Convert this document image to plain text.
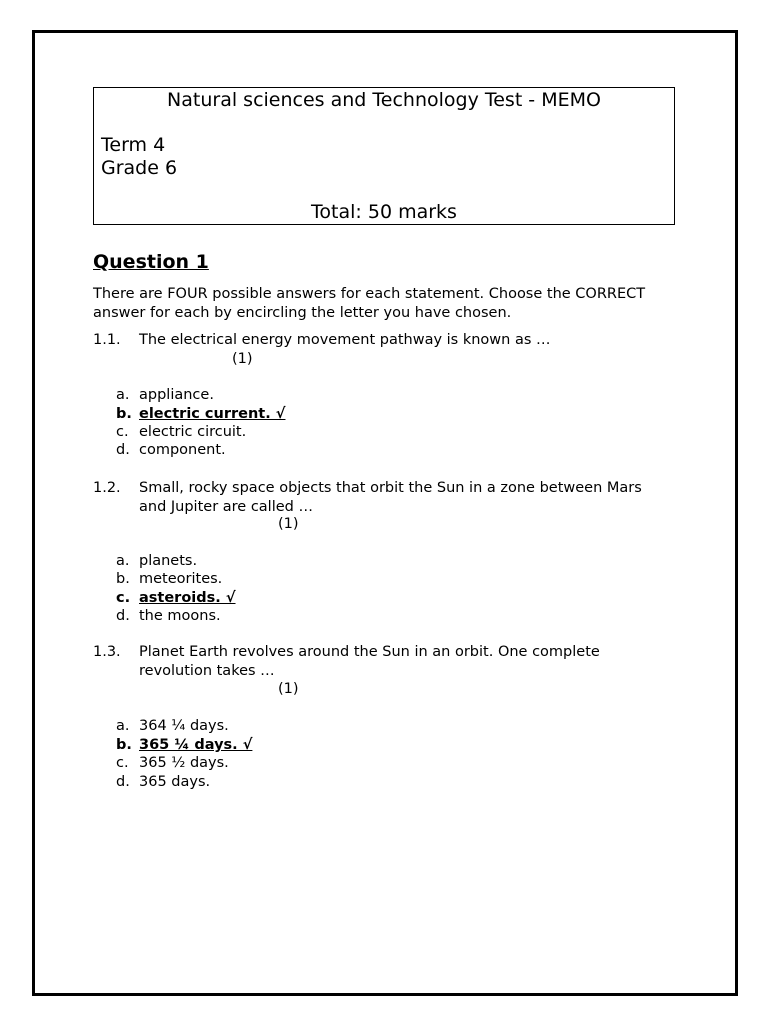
Natural sciences and Technology Test - MEMO
Term 4
Grade 6
Total: 50 marks
Question 1
There are FOUR possible answers for each statement. Choose the CORRECT answer for each by encircling the letter you have chosen.
1.1. The electrical energy movement pathway is known as …
(1)
a. appliance.
b. electric current. √
c. electric circuit.
d. component.
1.2. Small, rocky space objects that orbit the Sun in a zone between Mars and Jupiter are called …
(1)
a. planets.
b. meteorites.
c. asteroids. √
d. the moons.
1.3. Planet Earth revolves around the Sun in an orbit. One complete revolution takes …
(1)
a. 364 ¼ days.
b. 365 ¼ days. √
c. 365 ½ days.
d. 365 days.
